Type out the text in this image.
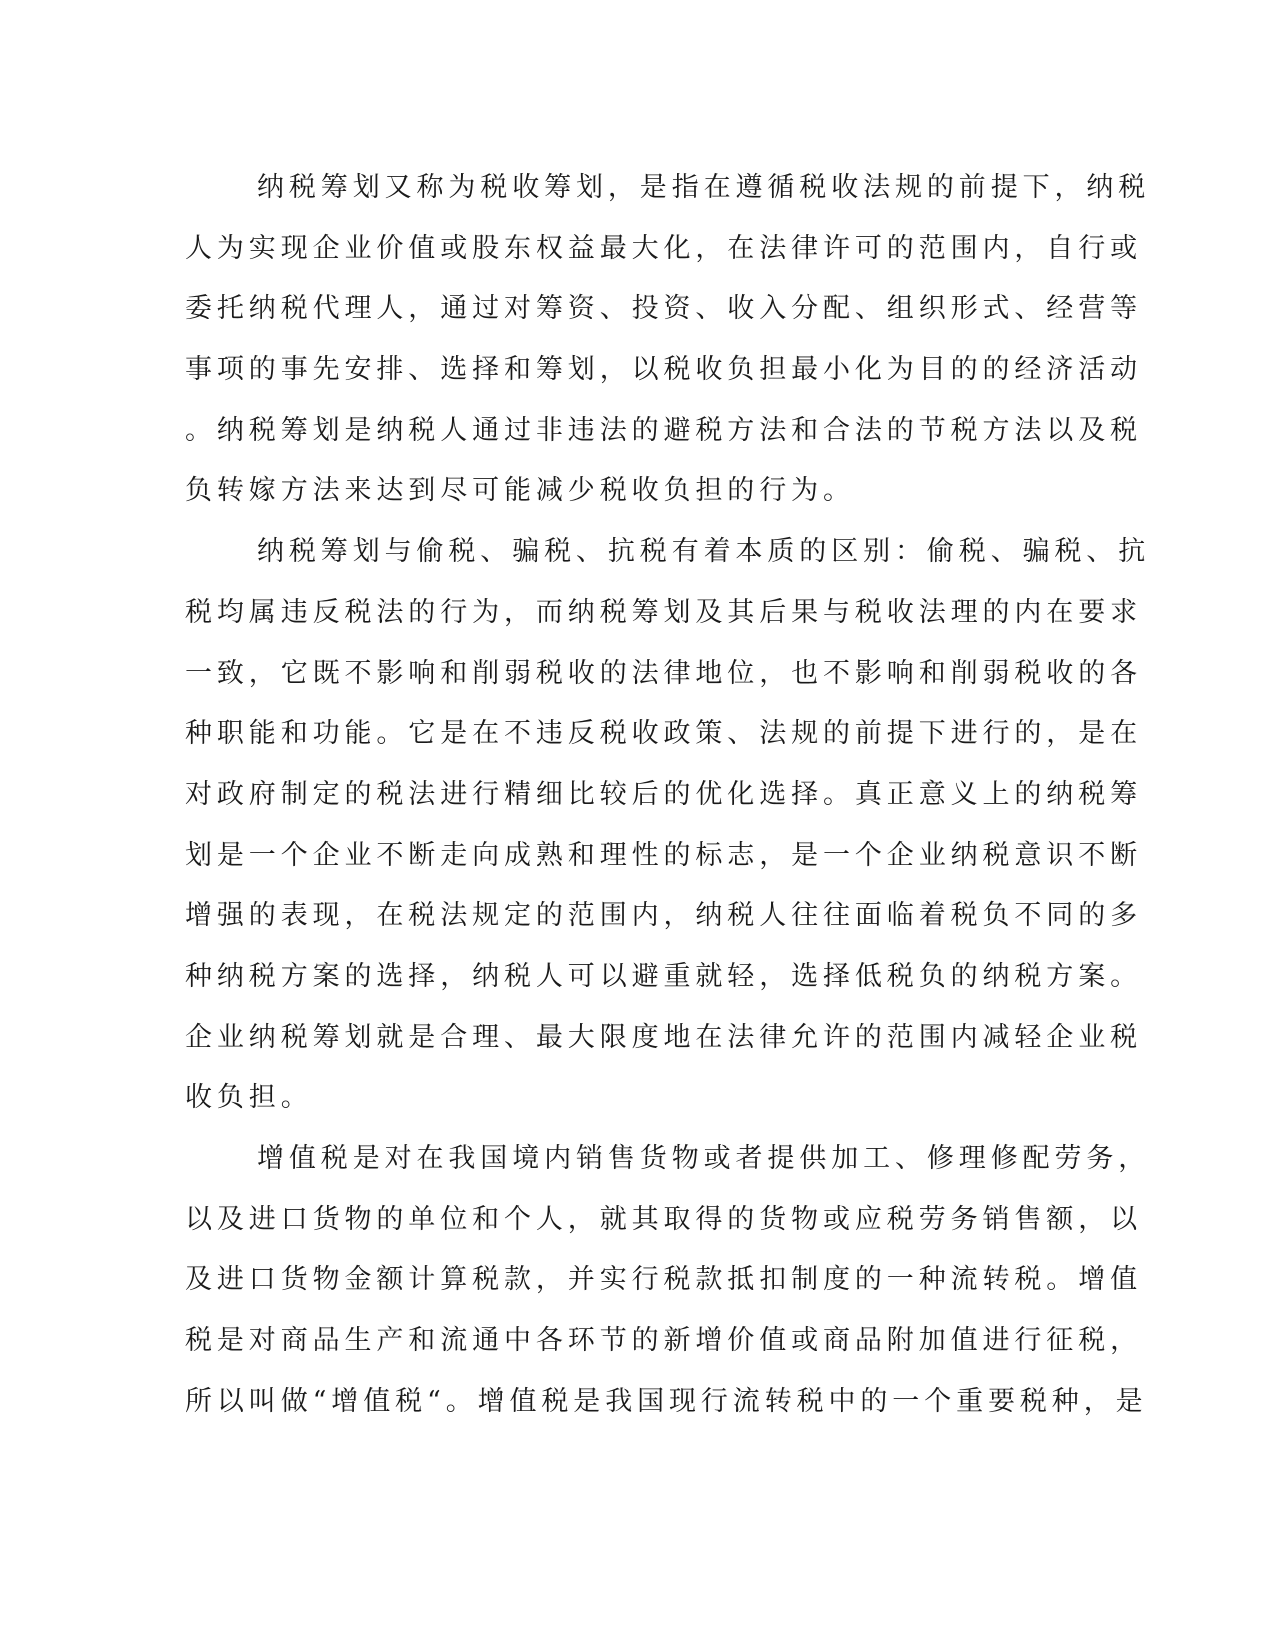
纳税筹划又称为税收筹划，是指在遵循税收法规的前提下，纳税
人为实现企业价值或股东权益最大化，在法律许可的范围内，自行或
委托纳税代理人，通过对筹资、投资、收入分配、组织形式、经营等
事项的事先安排、选择和筹划，以税收负担最小化为目的的经济活动
。纳税筹划是纳税人通过非违法的避税方法和合法的节税方法以及税
负转嫁方法来达到尽可能减少税收负担的行为。
纳税筹划与偷税、骗税、抗税有着本质的区别：偷税、骗税、抗
税均属违反税法的行为，而纳税筹划及其后果与税收法理的内在要求
一致，它既不影响和削弱税收的法律地位，也不影响和削弱税收的各
种职能和功能。它是在不违反税收政策、法规的前提下进行的，是在
对政府制定的税法进行精细比较后的优化选择。真正意义上的纳税筹
划是一个企业不断走向成熟和理性的标志，是一个企业纳税意识不断
增强的表现，在税法规定的范围内，纳税人往往面临着税负不同的多
种纳税方案的选择，纳税人可以避重就轻，选择低税负的纳税方案。
企业纳税筹划就是合理、最大限度地在法律允许的范围内减轻企业税
收负担。
增值税是对在我国境内销售货物或者提供加工、修理修配劳务，
以及进口货物的单位和个人，就其取得的货物或应税劳务销售额，以
及进口货物金额计算税款，并实行税款抵扣制度的一种流转税。增值
税是对商品生产和流通中各环节的新增价值或商品附加值进行征税，
所以叫做“增值税“。增值税是我国现行流转税中的一个重要税种，是
